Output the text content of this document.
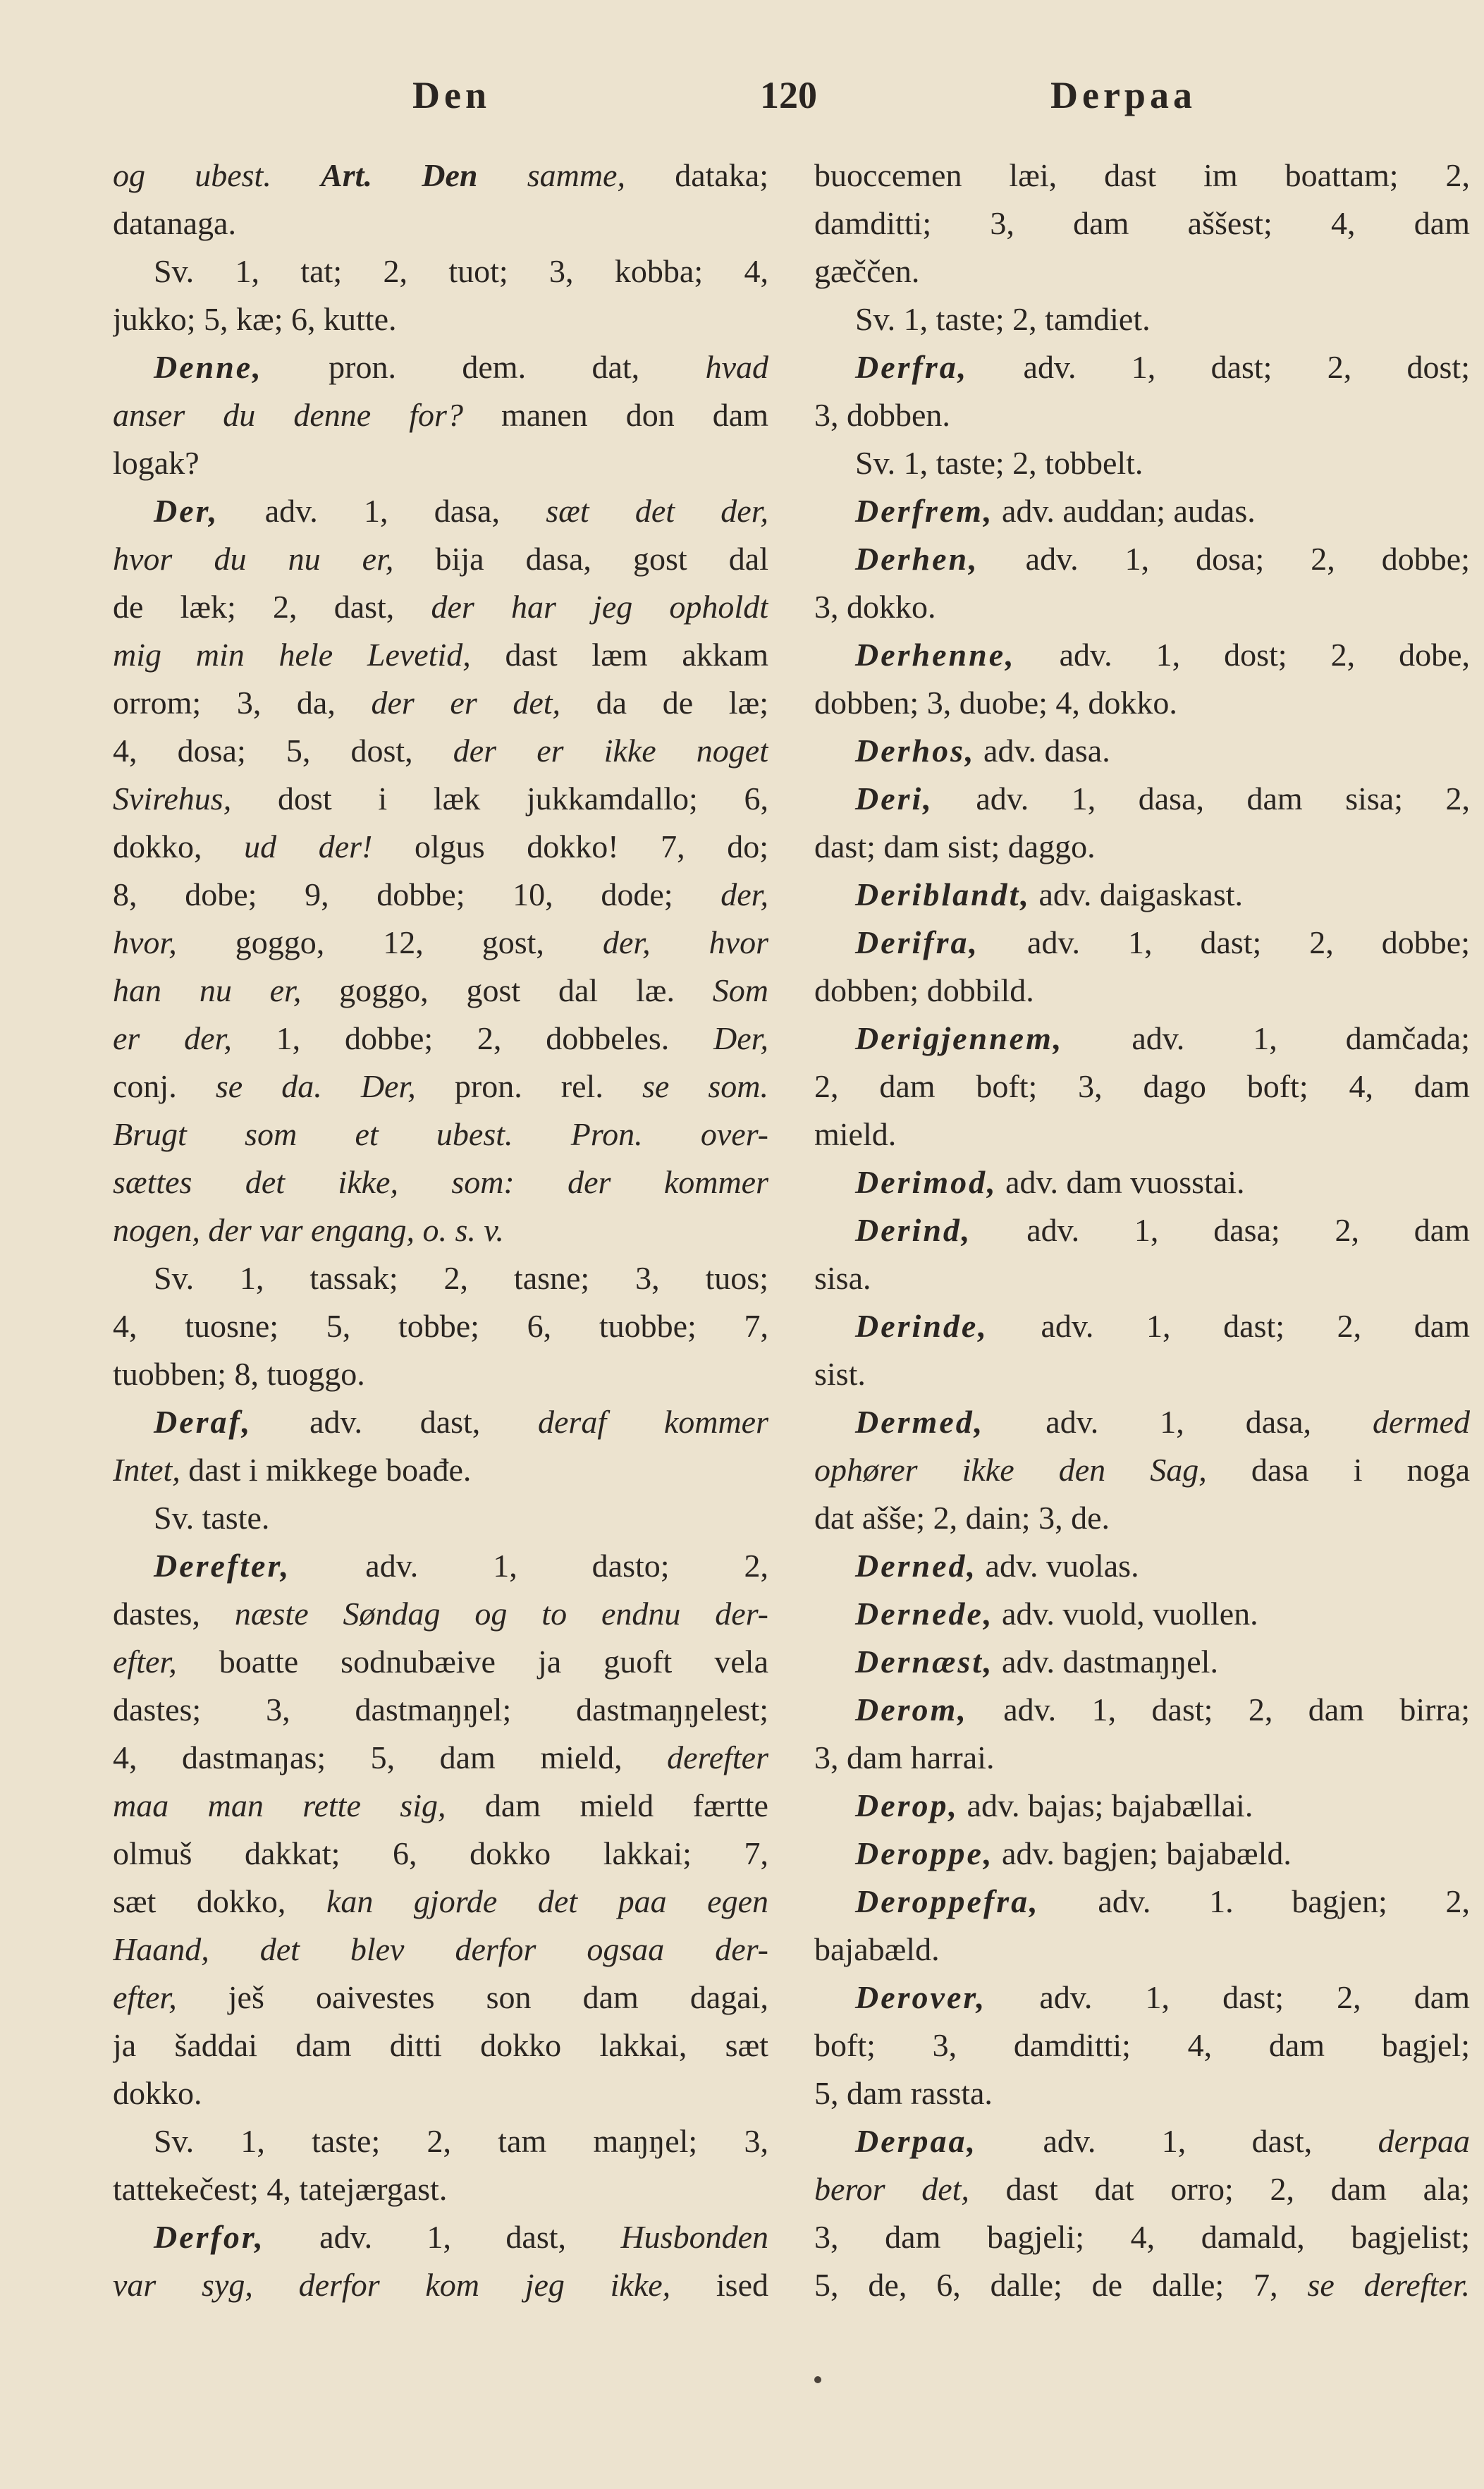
Den	120	Derpaa
og ubest. Art. Den samme, dataka;
datanaga.
Sv. 1, tat; 2, tuot; 3, kobba; 4,
jukko; 5, kæ; 6, kutte.
Denne, pron. dem. dat, hvad
anser du denne for? manen don dam
logak?
Der, adv. 1, dasa, sæt det der,
hvor du nu er, bija dasa, gost dal
de læk; 2, dast, der har jeg opholdt
mig min hele Levetid, dast læm akkam
orrom; 3, da, der er det, da de læ;
4, dosa; 5, dost, der er ikke noget
Svirehus, dost i læk jukkamdallo; 6,
dokko, ud der! olgus dokko! 7, do;
8, dobe; 9, dobbe; 10, dode; der,
hvor, goggo, 12, gost, der, hvor
han nu er, goggo, gost dal læ. Som
er der, 1, dobbe; 2, dobbeles. Der,
conj. se da. Der, pron. rel. se som.
Brugt som et ubest. Pron. over-
sættes det ikke, som: der kommer
nogen, der var engang, o. s. v.
Sv. 1, tassak; 2, tasne; 3, tuos;
4, tuosne; 5, tobbe; 6, tuobbe; 7,
tuobben; 8, tuoggo.
Deraf, adv. dast, deraf kommer
Intet, dast i mikkege boađe.
Sv. taste.
Derefter, adv. 1, dasto; 2,
dastes, næste Søndag og to endnu der-
efter, boatte sodnubæive ja guoft vela
dastes; 3, dastmaŋŋel; dastmaŋŋelest;
4, dastmaŋas; 5, dam mield, derefter
maa man rette sig, dam mield færtte
olmuš dakkat; 6, dokko lakkai; 7,
sæt dokko, kan gjorde det paa egen
Haand, det blev derfor ogsaa der-
efter, ješ oaivestes son dam dagai,
ja šaddai dam ditti dokko lakkai, sæt
dokko.
Sv. 1, taste; 2, tam maŋŋel; 3,
tattekečest; 4, tatejærgast.
Derfor, adv. 1, dast, Husbonden
var syg, derfor kom jeg ikke, ised
buoccemen læi, dast im boattam; 2,
damditti; 3, dam aššest; 4, dam
gæččen.
Sv. 1, taste; 2, tamdiet.
Derfra, adv. 1, dast; 2, dost;
3, dobben.
Sv. 1, taste; 2, tobbelt.
Derfrem, adv. auddan; audas.
Derhen, adv. 1, dosa; 2, dobbe;
3, dokko.
Derhenne, adv. 1, dost; 2, dobe,
dobben; 3, duobe; 4, dokko.
Derhos, adv. dasa.
Deri, adv. 1, dasa, dam sisa; 2,
dast; dam sist; daggo.
Deriblandt, adv. daigaskast.
Derifra, adv. 1, dast; 2, dobbe;
dobben; dobbild.
Derigjennem, adv. 1, damčada;
2, dam boft; 3, dago boft; 4, dam
mield.
Derimod, adv. dam vuosstai.
Derind, adv. 1, dasa; 2, dam
sisa.
Derinde, adv. 1, dast; 2, dam
sist.
Dermed, adv. 1, dasa, dermed
ophører ikke den Sag, dasa i noga
dat ašše; 2, dain; 3, de.
Derned, adv. vuolas.
Dernede, adv. vuold, vuollen.
Dernæst, adv. dastmaŋŋel.
Derom, adv. 1, dast; 2, dam birra;
3, dam harrai.
Derop, adv. bajas; bajabællai.
Deroppe, adv. bagjen; bajabæld.
Deroppefra, adv. 1. bagjen; 2,
bajabæld.
Derover, adv. 1, dast; 2, dam
boft; 3, damditti; 4, dam bagjel;
5, dam rassta.
Derpaa, adv. 1, dast, derpaa
beror det, dast dat orro; 2, dam ala;
3, dam bagjeli; 4, damald, bagjelist;
5, de, 6, dalle; de dalle; 7, se derefter.
